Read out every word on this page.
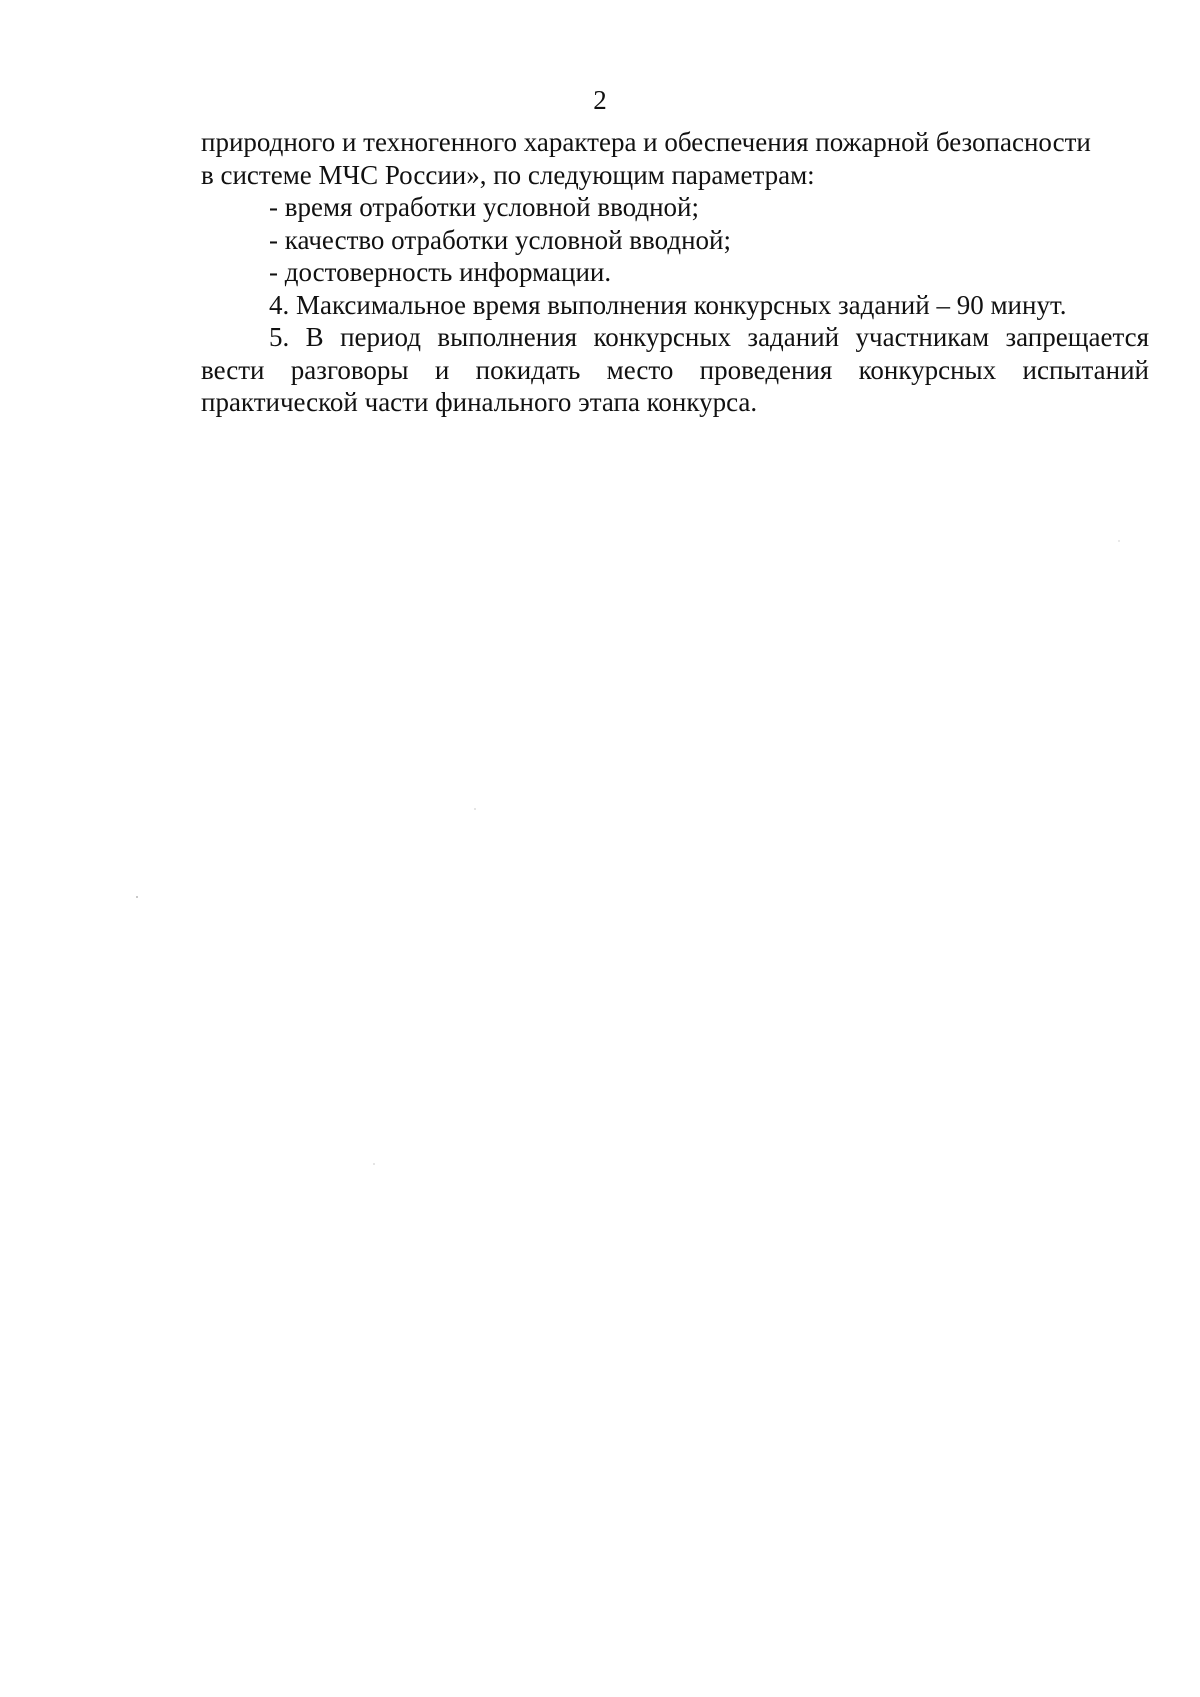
2
природного и техногенного характера и обеспечения пожарной безопасности
в системе МЧС России», по следующим параметрам:
- время отработки условной вводной;
- качество отработки условной вводной;
- достоверность информации.
4. Максимальное время выполнения конкурсных заданий – 90 минут.
5. В период выполнения конкурсных заданий участникам запрещается
вести разговоры и покидать место проведения конкурсных испытаний
практической части финального этапа конкурса.
